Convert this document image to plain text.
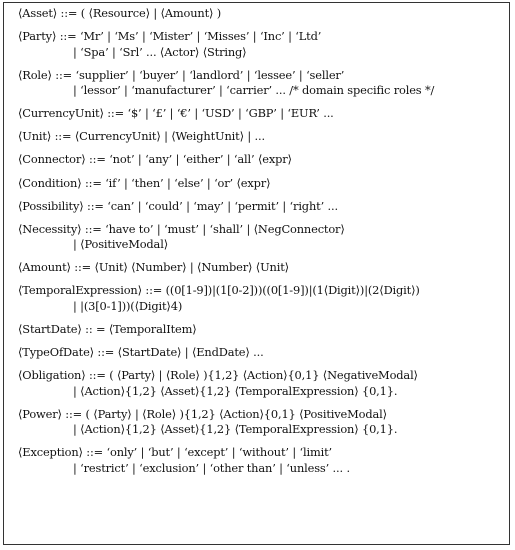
⟨Asset⟩ ::= ( ⟨Resource⟩ | ⟨Amount⟩ )
⟨Party⟩ ::= ‘Mr’ | ‘Ms’ | ‘Mister’ | ‘Misses’ | ‘Inc’ | ‘Ltd’
| ‘Spa’ | ‘Srl’ ... ⟨Actor⟩ ⟨String⟩
⟨Role⟩ ::= ‘supplier’ | ‘buyer’ | ‘landlord’ | ‘lessee’ | ‘seller’
| ‘lessor’ | ‘manufacturer’ | ‘carrier’ ... /* domain specific roles */
⟨CurrencyUnit⟩ ::= ‘$’ | ‘£’ | ‘€’ | ‘USD’ | ‘GBP’ | ‘EUR’ ...
⟨Unit⟩ ::= ⟨CurrencyUnit⟩ | ⟨WeightUnit⟩ | ...
⟨Connector⟩ ::= ‘not’ | ‘any’ | ‘either’ | ‘all’ ⟨expr⟩
⟨Condition⟩ ::= ‘if’ | ‘then’ | ‘else’ | ‘or’ ⟨expr⟩
⟨Possibility⟩ ::= ‘can’ | ‘could’ | ‘may’ | ‘permit’ | ‘right’ ...
⟨Necessity⟩ ::= ‘have to’ | ‘must’ | ‘shall’ | ⟨NegConnector⟩
| ⟨PositiveModal⟩
⟨Amount⟩ ::= ⟨Unit⟩ ⟨Number⟩ | ⟨Number⟩ ⟨Unit⟩
⟨TemporalExpression⟩ ::= ((0[1-9])|(1[0-2]))((0[1-9])|(1⟨Digit⟩)|(2⟨Digit⟩)
| |(3[0-1]))(⟨Digit⟩4)
⟨StartDate⟩ :: = ⟨TemporalItem⟩
⟨TypeOfDate⟩ ::= ⟨StartDate⟩ | ⟨EndDate⟩ ...
⟨Obligation⟩ ::= ( ⟨Party⟩ | ⟨Role⟩ ){1,2} ⟨Action⟩{0,1} ⟨NegativeModal⟩
| ⟨Action⟩{1,2} ⟨Asset⟩{1,2} ⟨TemporalExpression⟩ {0,1}.
⟨Power⟩ ::= ( ⟨Party⟩ | ⟨Role⟩ ){1,2} ⟨Action⟩{0,1} ⟨PositiveModal⟩
| ⟨Action⟩{1,2} ⟨Asset⟩{1,2} ⟨TemporalExpression⟩ {0,1}.
⟨Exception⟩ ::= ‘only’ | ‘but’ | ‘except’ | ‘without’ | ‘limit’
| ‘restrict’ | ‘exclusion’ | ‘other than’ | ‘unless’ ... .
